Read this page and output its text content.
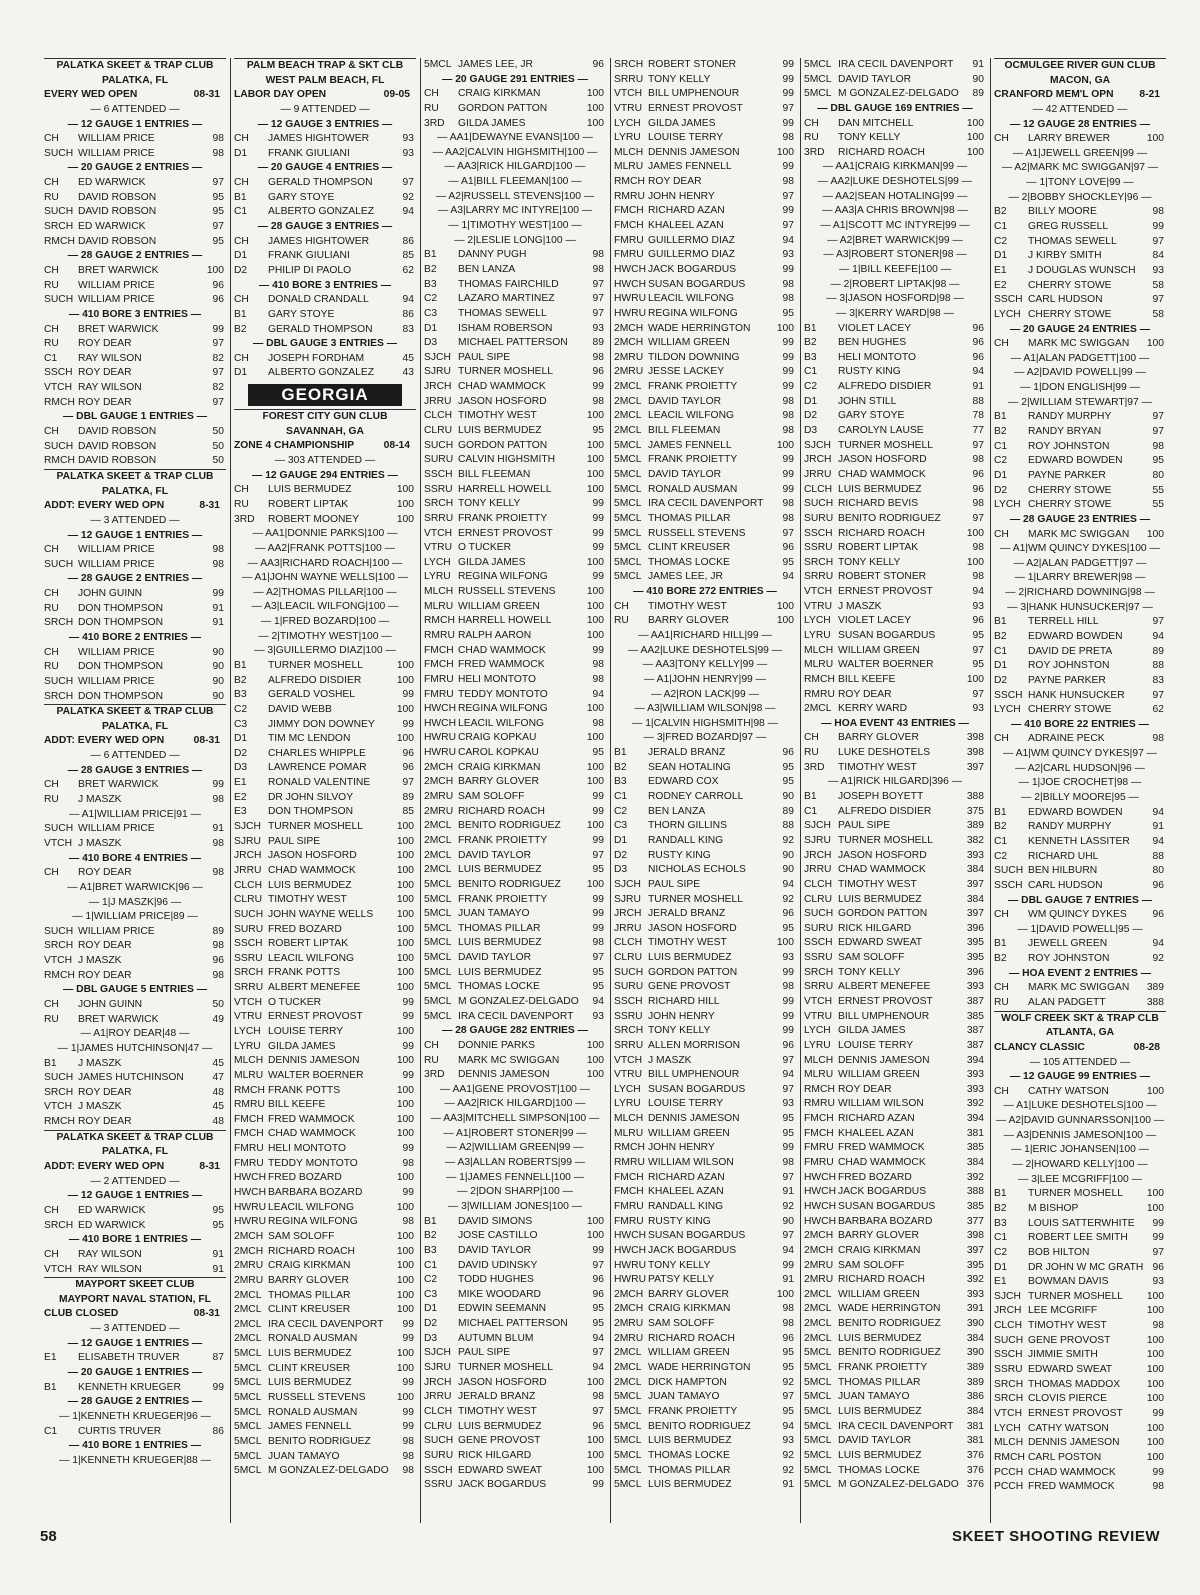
PALATKA SKEET & TRAP CLUB
PALATKA, FL
EVERY WED OPEN	08-31
— 6 ATTENDED —
— 12 GAUGE 1 ENTRIES —
CH	WILLIAM PRICE	98
SUCH WILLIAM PRICE	98
— 20 GAUGE 2 ENTRIES —
CH	ED WARWICK	97
RU	DAVID ROBSON	95
SUCH DAVID ROBSON	95
SRCH ED WARWICK	97
RMCH DAVID ROBSON	95
— 28 GAUGE 2 ENTRIES —
CH	BRET WARWICK	100
RU	WILLIAM PRICE	96
SUCH WILLIAM PRICE	96
— 410 BORE 3 ENTRIES —
CH	BRET WARWICK	99
RU	ROY DEAR	97
C1	RAY WILSON	82
SSCH ROY DEAR	97
VTCH RAY WILSON	82
RMCH ROY DEAR	97
— DBL GAUGE 1 ENTRIES —
CH	DAVID ROBSON	50
SUCH DAVID ROBSON	50
RMCH DAVID ROBSON	50
PALATKA SKEET & TRAP CLUB
PALATKA, FL
ADDT: EVERY WED OPN	8-31
— 3 ATTENDED —
— 12 GAUGE 1 ENTRIES —
CH	WILLIAM PRICE	98
SUCH WILLIAM PRICE	98
— 28 GAUGE 2 ENTRIES —
CH	JOHN GUINN	99
RU	DON THOMPSON	91
SRCH DON THOMPSON	91
— 410 BORE 2 ENTRIES —
CH	WILLIAM PRICE	90
RU	DON THOMPSON	90
SUCH WILLIAM PRICE	90
SRCH DON THOMPSON	90
PALATKA SKEET & TRAP CLUB
PALATKA, FL
ADDT: EVERY WED OPN	08-31
— 6 ATTENDED —
— 28 GAUGE 3 ENTRIES —
CH	BRET WARWICK	99
RU	J MASZK	98
— A1|WILLIAM PRICE|91 —
SUCH WILLIAM PRICE	91
VTCH J MASZK	98
— 410 BORE 4 ENTRIES —
CH	ROY DEAR	98
— A1|BRET WARWICK|96 —
— 1|J MASZK|96 —
— 1|WILLIAM PRICE|89 —
SUCH WILLIAM PRICE	89
SRCH ROY DEAR	98
VTCH J MASZK	96
RMCH ROY DEAR	98
— DBL GAUGE 5 ENTRIES —
CH	JOHN GUINN	50
RU	BRET WARWICK	49
— A1|ROY DEAR|48 —
— 1|JAMES HUTCHINSON|47 —
B1	J MASZK	45
SUCH JAMES HUTCHINSON	47
SRCH ROY DEAR	48
VTCH J MASZK	45
RMCH ROY DEAR	48
PALATKA SKEET & TRAP CLUB
PALATKA, FL
ADDT: EVERY WED OPN	8-31
— 2 ATTENDED —
— 12 GAUGE 1 ENTRIES —
CH	ED WARWICK	95
SRCH ED WARWICK	95
— 410 BORE 1 ENTRIES —
CH	RAY WILSON	91
VTCH RAY WILSON	91
MAYPORT SKEET CLUB
MAYPORT NAVAL STATION, FL
CLUB CLOSED	08-31
— 3 ATTENDED —
— 12 GAUGE 1 ENTRIES —
E1	ELISABETH TRUVER	87
— 20 GAUGE 1 ENTRIES —
B1	KENNETH KRUEGER	99
— 28 GAUGE 2 ENTRIES —
— 1|KENNETH KRUEGER|96 —
C1	CURTIS TRUVER	86
— 410 BORE 1 ENTRIES —
— 1|KENNETH KRUEGER|88 —
PALM BEACH TRAP & SKT CLB
WEST PALM BEACH, FL
LABOR DAY OPEN	09-05
— 9 ATTENDED —
— 12 GAUGE 3 ENTRIES —
CH	JAMES HIGHTOWER	93
D1	FRANK GIULIANI	93
— 20 GAUGE 4 ENTRIES —
CH	GERALD THOMPSON	97
B1	GARY STOYE	92
C1	ALBERTO GONZALEZ	94
— 28 GAUGE 3 ENTRIES —
CH	JAMES HIGHTOWER	86
D1	FRANK GIULIANI	85
D2	PHILIP DI PAOLO	62
— 410 BORE 3 ENTRIES —
CH	DONALD CRANDALL	94
B1	GARY STOYE	86
B2	GERALD THOMPSON	83
— DBL GAUGE 3 ENTRIES —
CH	JOSEPH FORDHAM	45
D1	ALBERTO GONZALEZ	43
GEORGIA
FOREST CITY GUN CLUB
SAVANNAH, GA
ZONE 4 CHAMPIONSHIP	08-14
— 303 ATTENDED —
— 12 GAUGE 294 ENTRIES —
CH	LUIS BERMUDEZ	100
RU	ROBERT LIPTAK	100
3RD	ROBERT MOONEY	100
— AA1|DONNIE PARKS|100 —
— AA2|FRANK POTTS|100 —
— AA3|RICHARD ROACH|100 —
— A1|JOHN WAYNE WELLS|100 —
— A2|THOMAS PILLAR|100 —
— A3|LEACIL WILFONG|100 —
— 1|FRED BOZARD|100 —
— 2|TIMOTHY WEST|100 —
— 3|GUILLERMO DIAZ|100 —
B1	TURNER MOSHELL	100
B2	ALFREDO DISDIER	100
B3	GERALD VOSHEL	99
C2	DAVID WEBB	100
C3	JIMMY DON DOWNEY	99
D1	TIM MC LENDON	100
D2	CHARLES WHIPPLE	96
D3	LAWRENCE POMAR	96
E1	RONALD VALENTINE	97
E2	DR JOHN SILVOY	89
E3	DON THOMPSON	85
SJCH TURNER MOSHELL	100
SJRU PAUL SIPE	100
JRCH JASON HOSFORD	100
JRRU CHAD WAMMOCK	100
CLCH LUIS BERMUDEZ	100
CLRU TIMOTHY WEST	100
SUCH JOHN WAYNE WELLS	100
SURU FRED BOZARD	100
SSCH ROBERT LIPTAK	100
SSRU LEACIL WILFONG	100
SRCH FRANK POTTS	100
SRRU ALBERT MENEFEE	100
VTCH O TUCKER	99
VTRU ERNEST PROVOST	99
LYCH LOUISE TERRY	100
LYRU GILDA JAMES	99
MLCH DENNIS JAMESON	100
MLRU WALTER BOERNER	99
RMCH FRANK POTTS	100
RMRU BILL KEEFE	100
FMCH FRED WAMMOCK	100
FMCH CHAD WAMMOCK	100
FMRU HELI MONTOTO	99
FMRU TEDDY MONTOTO	98
HWCH FRED BOZARD	100
HWCH BARBARA BOZARD	99
HWRU LEACIL WILFONG	100
HWRU REGINA WILFONG	98
2MCH SAM SOLOFF	100
2MCH RICHARD ROACH	100
2MRU CRAIG KIRKMAN	100
2MRU BARRY GLOVER	100
2MCL THOMAS PILLAR	100
2MCL CLINT KREUSER	100
2MCL IRA CECIL DAVENPORT	99
2MCL RONALD AUSMAN	99
5MCL LUIS BERMUDEZ	100
5MCL CLINT KREUSER	100
5MCL LUIS BERMUDEZ	99
5MCL RUSSELL STEVENS	100
5MCL RONALD AUSMAN	99
5MCL JAMES FENNELL	99
5MCL BENITO RODRIGUEZ	98
5MCL JUAN TAMAYO	98
5MCL M GONZALEZ-DELGADO	98
5MCL JAMES LEE, JR	96
— 20 GAUGE 291 ENTRIES —
CH	CRAIG KIRKMAN	100
RU	GORDON PATTON	100
3RD	GILDA JAMES	100
— AA1|DEWAYNE EVANS|100 —
— AA2|CALVIN HIGHSMITH|100 —
— AA3|RICK HILGARD|100 —
— A1|BILL FLEEMAN|100 —
— A2|RUSSELL STEVENS|100 —
— A3|LARRY MC INTYRE|100 —
— 1|TIMOTHY WEST|100 —
— 2|LESLIE LONG|100 —
B1	DANNY PUGH	98
B2	BEN LANZA	98
B3	THOMAS FAIRCHILD	97
C2	LAZARO MARTINEZ	97
C3	THOMAS SEWELL	97
D1	ISHAM ROBERSON	93
D3	MICHAEL PATTERSON	89
SJCH PAUL SIPE	98
SJRU TURNER MOSHELL	96
JRCH CHAD WAMMOCK	99
JRRU JASON HOSFORD	98
CLCH TIMOTHY WEST	100
CLRU LUIS BERMUDEZ	95
SUCH GORDON PATTON	100
SURU CALVIN HIGHSMITH	100
SSCH BILL FLEEMAN	100
SSRU HARRELL HOWELL	100
SRCH TONY KELLY	99
SRRU FRANK PROIETTY	99
VTCH ERNEST PROVOST	99
VTRU O TUCKER	99
LYCH GILDA JAMES	100
LYRU REGINA WILFONG	99
MLCH RUSSELL STEVENS	100
MLRU WILLIAM GREEN	100
RMCH HARRELL HOWELL	100
RMRU RALPH AARON	100
FMCH CHAD WAMMOCK	99
FMCH FRED WAMMOCK	98
FMRU HELI MONTOTO	98
FMRU TEDDY MONTOTO	94
HWCH REGINA WILFONG	100
HWCH LEACIL WILFONG	98
HWRU CRAIG KOPKAU	100
HWRU CAROL KOPKAU	95
2MCH CRAIG KIRKMAN	100
2MCH BARRY GLOVER	100
2MRU SAM SOLOFF	99
2MRU RICHARD ROACH	99
2MCL BENITO RODRIGUEZ	100
2MCL FRANK PROIETTY	99
2MCL DAVID TAYLOR	97
2MCL LUIS BERMUDEZ	95
5MCL BENITO RODRIGUEZ	100
5MCL FRANK PROIETTY	99
5MCL JUAN TAMAYO	99
5MCL THOMAS PILLAR	99
5MCL LUIS BERMUDEZ	98
5MCL DAVID TAYLOR	97
5MCL LUIS BERMUDEZ	95
5MCL THOMAS LOCKE	95
5MCL M GONZALEZ-DELGADO	94
5MCL IRA CECIL DAVENPORT	93
— 28 GAUGE 282 ENTRIES —
CH	DONNIE PARKS	100
RU	MARK MC SWIGGAN	100
3RD	DENNIS JAMESON	100
— AA1|GENE PROVOST|100 —
— AA2|RICK HILGARD|100 —
— AA3|MITCHELL SIMPSON|100 —
— A1|ROBERT STONER|99 —
— A2|WILLIAM GREEN|99 —
— A3|ALLAN ROBERTS|99 —
— 1|JAMES FENNELL|100 —
— 2|DON SHARP|100 —
— 3|WILLIAM JONES|100 —
B1	DAVID SIMONS	100
B2	JOSE CASTILLO	100
B3	DAVID TAYLOR	99
C1	DAVID UDINSKY	97
C2	TODD HUGHES	96
C3	MIKE WOODARD	96
D1	EDWIN SEEMANN	95
D2	MICHAEL PATTERSON	95
D3	AUTUMN BLUM	94
SJCH PAUL SIPE	97
SJRU TURNER MOSHELL	94
JRCH JASON HOSFORD	100
JRRU JERALD BRANZ	98
CLCH TIMOTHY WEST	97
CLRU LUIS BERMUDEZ	96
SUCH GENE PROVOST	100
SURU RICK HILGARD	100
SSCH EDWARD SWEAT	100
SSRU JACK BOGARDUS	99
SRCH ROBERT STONER	99
SRRU TONY KELLY	99
VTCH BILL UMPHENOUR	99
VTRU ERNEST PROVOST	97
LYCH GILDA JAMES	99
LYRU LOUISE TERRY	98
MLCH DENNIS JAMESON	100
MLRU JAMES FENNELL	99
RMCH ROY DEAR	98
RMRU JOHN HENRY	97
FMCH RICHARD AZAN	99
FMCH KHALEEL AZAN	97
FMRU GUILLERMO DIAZ	94
FMRU GUILLERMO DIAZ	93
HWCH JACK BOGARDUS	99
HWCH SUSAN BOGARDUS	98
HWRU LEACIL WILFONG	98
HWRU REGINA WILFONG	95
2MCH WADE HERRINGTON	100
2MCH WILLIAM GREEN	99
2MRU TILDON DOWNING	99
2MRU JESSE LACKEY	99
2MCL FRANK PROIETTY	99
2MCL DAVID TAYLOR	98
2MCL LEACIL WILFONG	98
2MCL BILL FLEEMAN	98
5MCL JAMES FENNELL	100
5MCL FRANK PROIETTY	99
5MCL DAVID TAYLOR	99
5MCL RONALD AUSMAN	99
5MCL IRA CECIL DAVENPORT	98
5MCL THOMAS PILLAR	98
5MCL RUSSELL STEVENS	97
5MCL CLINT KREUSER	96
5MCL THOMAS LOCKE	95
5MCL JAMES LEE, JR	94
— 410 BORE 272 ENTRIES —
CH	TIMOTHY WEST	100
RU	BARRY GLOVER	100
— AA1|RICHARD HILL|99 —
— AA2|LUKE DESHOTELS|99 —
— AA3|TONY KELLY|99 —
— A1|JOHN HENRY|99 —
— A2|RON LACK|99 —
— A3|WILLIAM WILSON|98 —
— 1|CALVIN HIGHSMITH|98 —
— 3|FRED BOZARD|97 —
B1	JERALD BRANZ	96
B2	SEAN HOTALING	95
B3	EDWARD COX	95
C1	RODNEY CARROLL	90
C2	BEN LANZA	89
C3	THORN GILLINS	88
D1	RANDALL KING	92
D2	RUSTY KING	90
D3	NICHOLAS ECHOLS	90
SJCH PAUL SIPE	94
SJRU TURNER MOSHELL	92
JRCH JERALD BRANZ	96
JRRU JASON HOSFORD	95
CLCH TIMOTHY WEST	100
CLRU LUIS BERMUDEZ	93
SUCH GORDON PATTON	99
SURU GENE PROVOST	98
SSCH RICHARD HILL	99
SSRU JOHN HENRY	99
SRCH TONY KELLY	99
SRRU ALLEN MORRISON	96
VTCH J MASZK	97
VTRU BILL UMPHENOUR	94
LYCH SUSAN BOGARDUS	97
LYRU LOUISE TERRY	93
MLCH DENNIS JAMESON	95
MLRU WILLIAM GREEN	95
RMCH JOHN HENRY	99
RMRU WILLIAM WILSON	98
FMCH RICHARD AZAN	97
FMCH KHALEEL AZAN	91
FMRU RANDALL KING	92
FMRU RUSTY KING	90
HWCH SUSAN BOGARDUS	97
HWCH JACK BOGARDUS	94
HWRU TONY KELLY	99
HWRU PATSY KELLY	91
2MCH BARRY GLOVER	100
2MCH CRAIG KIRKMAN	98
2MRU SAM SOLOFF	98
2MRU RICHARD ROACH	96
2MCL WILLIAM GREEN	95
2MCL WADE HERRINGTON	95
2MCL DICK HAMPTON	92
5MCL JUAN TAMAYO	97
5MCL FRANK PROIETTY	95
5MCL BENITO RODRIGUEZ	94
5MCL LUIS BERMUDEZ	93
5MCL THOMAS LOCKE	92
5MCL THOMAS PILLAR	92
5MCL LUIS BERMUDEZ	91
5MCL IRA CECIL DAVENPORT	91
5MCL DAVID TAYLOR	90
5MCL M GONZALEZ-DELGADO	89
— DBL GAUGE 169 ENTRIES —
CH	DAN MITCHELL	100
RU	TONY KELLY	100
3RD	RICHARD ROACH	100
— AA1|CRAIG KIRKMAN|99 —
— AA2|LUKE DESHOTELS|99 —
— AA2|SEAN HOTALING|99 —
— AA3|A CHRIS BROWN|98 —
— A1|SCOTT MC INTYRE|99 —
— A2|BRET WARWICK|99 —
— A3|ROBERT STONER|98 —
— 1|BILL KEEFE|100 —
— 2|ROBERT LIPTAK|98 —
— 3|JASON HOSFORD|98 —
— 3|KERRY WARD|98 —
B1	VIOLET LACEY	96
B2	BEN HUGHES	96
B3	HELI MONTOTO	96
C1	RUSTY KING	94
C2	ALFREDO DISDIER	91
D1	JOHN STILL	88
D2	GARY STOYE	78
D3	CAROLYN LAUSE	77
SJCH TURNER MOSHELL	97
JRCH JASON HOSFORD	98
JRRU CHAD WAMMOCK	96
CLCH LUIS BERMUDEZ	96
SUCH RICHARD BEVIS	98
SURU BENITO RODRIGUEZ	97
SSCH RICHARD ROACH	100
SSRU ROBERT LIPTAK	98
SRCH TONY KELLY	100
SRRU ROBERT STONER	98
VTCH ERNEST PROVOST	94
VTRU J MASZK	93
LYCH VIOLET LACEY	96
LYRU SUSAN BOGARDUS	95
MLCH WILLIAM GREEN	97
MLRU WALTER BOERNER	95
RMCH BILL KEEFE	100
RMRU ROY DEAR	97
2MCL KERRY WARD	93
— HOA EVENT 43 ENTRIES —
CH	BARRY GLOVER	398
RU	LUKE DESHOTELS	398
3RD	TIMOTHY WEST	397
— A1|RICK HILGARD|396 —
B1	JOSEPH BOYETT	388
C1	ALFREDO DISDIER	375
SJCH PAUL SIPE	389
SJRU TURNER MOSHELL	382
JRCH JASON HOSFORD	393
JRRU CHAD WAMMOCK	384
CLCH TIMOTHY WEST	397
CLRU LUIS BERMUDEZ	384
SUCH GORDON PATTON	397
SURU RICK HILGARD	396
SSCH EDWARD SWEAT	395
SSRU SAM SOLOFF	395
SRCH TONY KELLY	396
SRRU ALBERT MENEFEE	393
VTCH ERNEST PROVOST	387
VTRU BILL UMPHENOUR	385
LYCH GILDA JAMES	387
LYRU LOUISE TERRY	387
MLCH DENNIS JAMESON	394
MLRU WILLIAM GREEN	393
RMCH ROY DEAR	393
RMRU WILLIAM WILSON	392
FMCH RICHARD AZAN	394
FMCH KHALEEL AZAN	381
FMRU FRED WAMMOCK	385
FMRU CHAD WAMMOCK	384
HWCH FRED BOZARD	392
HWCH JACK BOGARDUS	388
HWCH SUSAN BOGARDUS	385
HWCH BARBARA BOZARD	377
2MCH BARRY GLOVER	398
2MCH CRAIG KIRKMAN	397
2MRU SAM SOLOFF	395
2MRU RICHARD ROACH	392
2MCL WILLIAM GREEN	393
2MCL WADE HERRINGTON	391
2MCL BENITO RODRIGUEZ	390
2MCL LUIS BERMUDEZ	384
5MCL BENITO RODRIGUEZ	390
5MCL FRANK PROIETTY	389
5MCL THOMAS PILLAR	389
5MCL JUAN TAMAYO	386
5MCL LUIS BERMUDEZ	384
5MCL IRA CECIL DAVENPORT	381
5MCL DAVID TAYLOR	381
5MCL LUIS BERMUDEZ	376
5MCL THOMAS LOCKE	376
5MCL M GONZALEZ-DELGADO 376
OCMULGEE RIVER GUN CLUB
MACON, GA
CRANFORD MEM'L OPN	8-21
— 42 ATTENDED —
— 12 GAUGE 28 ENTRIES —
CH	LARRY BREWER	100
— A1|JEWELL GREEN|99 —
— A2|MARK MC SWIGGAN|97 —
— 1|TONY LOVE|99 —
— 2|BOBBY SHOCKLEY|96 —
B2	BILLY MOORE	98
C1	GREG RUSSELL	99
C2	THOMAS SEWELL	97
D1	J KIRBY SMITH	84
E1	J DOUGLAS WUNSCH	93
E2	CHERRY STOWE	58
SSCH CARL HUDSON	97
LYCH CHERRY STOWE	58
— 20 GAUGE 24 ENTRIES —
CH	MARK MC SWIGGAN	100
— A1|ALAN PADGETT|100 —
— A2|DAVID POWELL|99 —
— 1|DON ENGLISH|99 —
— 2|WILLIAM STEWART|97 —
B1	RANDY MURPHY	97
B2	RANDY BRYAN	97
C1	ROY JOHNSTON	98
C2	EDWARD BOWDEN	95
D1	PAYNE PARKER	80
D2	CHERRY STOWE	55
LYCH CHERRY STOWE	55
— 28 GAUGE 23 ENTRIES —
CH	MARK MC SWIGGAN	100
— A1|WM QUINCY DYKES|100 —
— A2|ALAN PADGETT|97 —
— 1|LARRY BREWER|98 —
— 2|RICHARD DOWNING|98 —
— 3|HANK HUNSUCKER|97 —
B1	TERRELL HILL	97
B2	EDWARD BOWDEN	94
C1	DAVID DE PRETA	89
D1	ROY JOHNSTON	88
D2	PAYNE PARKER	83
SSCH HANK HUNSUCKER	97
LYCH CHERRY STOWE	62
— 410 BORE 22 ENTRIES —
CH	ADRAINE PECK	98
— A1|WM QUINCY DYKES|97 —
— A2|CARL HUDSON|96 —
— 1|JOE CROCHET|98 —
— 2|BILLY MOORE|95 —
B1	EDWARD BOWDEN	94
B2	RANDY MURPHY	91
C1	KENNETH LASSITER	94
C2	RICHARD UHL	88
SUCH BEN HILBURN	80
SSCH CARL HUDSON	96
— DBL GAUGE 7 ENTRIES —
CH	WM QUINCY DYKES	96
— 1|DAVID POWELL|95 —
B1	JEWELL GREEN	94
B2	ROY JOHNSTON	92
— HOA EVENT 2 ENTRIES —
CH	MARK MC SWIGGAN	389
RU	ALAN PADGETT	388
WOLF CREEK SKT & TRAP CLB
ATLANTA, GA
CLANCY CLASSIC	08-28
— 105 ATTENDED —
— 12 GAUGE 99 ENTRIES —
CH	CATHY WATSON	100
— A1|LUKE DESHOTELS|100 —
— A2|DAVID GUNNARSSON|100 —
— A3|DENNIS JAMESON|100 —
— 1|ERIC JOHANSEN|100 —
— 2|HOWARD KELLY|100 —
— 3|LEE MCGRIFF|100 —
B1	TURNER MOSHELL	100
B2	M BISHOP	100
B3	LOUIS SATTERWHITE	99
C1	ROBERT LEE SMITH	99
C2	BOB HILTON	97
D1	DR JOHN W MC GRATH 96
E1	BOWMAN DAVIS	93
SJCH TURNER MOSHELL	100
JRCH LEE MCGRIFF	100
CLCH TIMOTHY WEST	98
SUCH GENE PROVOST	100
SSCH JIMMIE SMITH	100
SSRU EDWARD SWEAT	100
SRCH THOMAS MADDOX	100
SRCH CLOVIS PIERCE	100
VTCH ERNEST PROVOST	99
LYCH CATHY WATSON	100
MLCH DENNIS JAMESON	100
RMCH CARL POSTON	100
PCCH CHAD WAMMOCK	99
PCCH FRED WAMMOCK	98
58	SKEET SHOOTING REVIEW
